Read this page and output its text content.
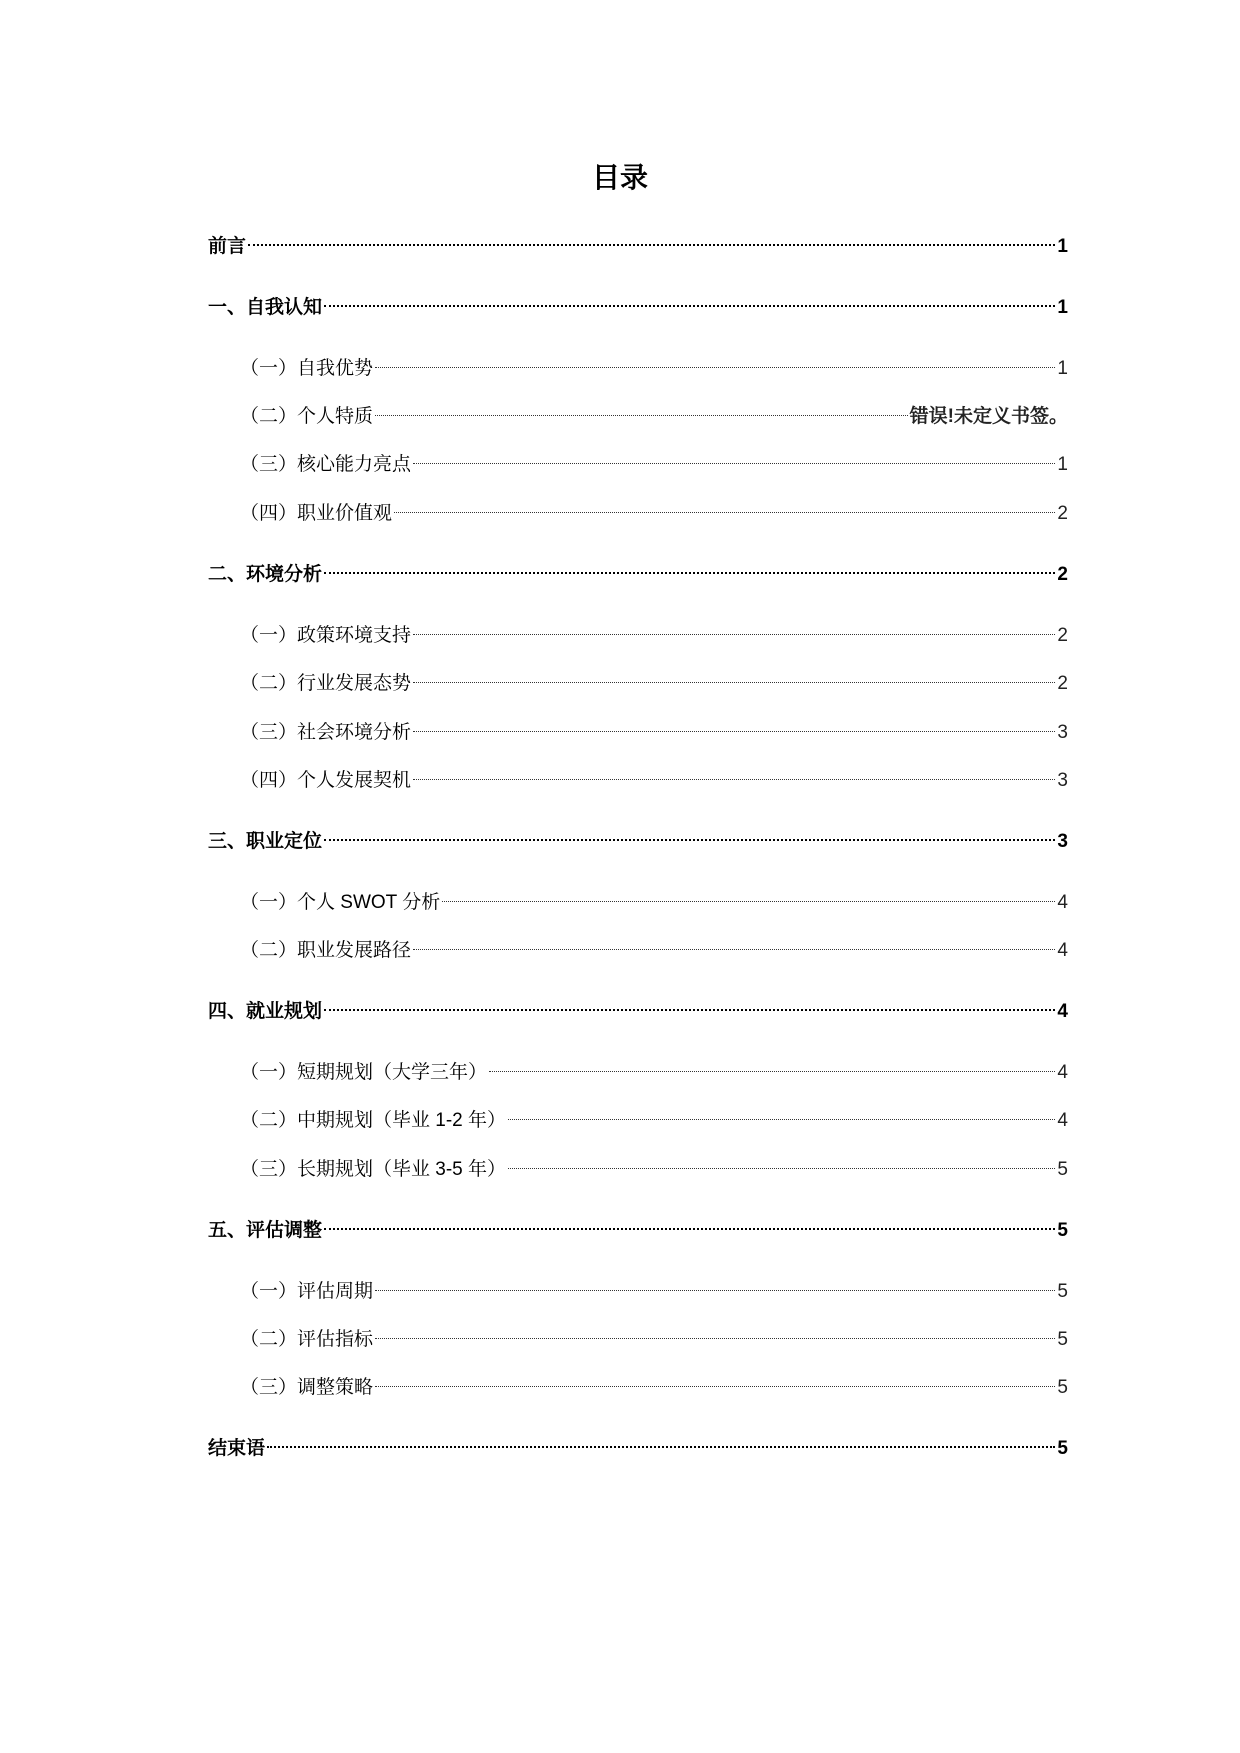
目录
前言	1
一、自我认知	1
（一）自我优势	1
（二）个人特质	错误!未定义书签。
（三）核心能力亮点	1
（四）职业价值观	2
二、环境分析	2
（一）政策环境支持	2
（二）行业发展态势	2
（三）社会环境分析	3
（四）个人发展契机	3
三、职业定位	3
（一）个人 SWOT 分析	4
（二）职业发展路径	4
四、就业规划	4
（一）短期规划（大学三年）	4
（二）中期规划（毕业 1-2 年）	4
（三）长期规划（毕业 3-5 年）	5
五、评估调整	5
（一）评估周期	5
（二）评估指标	5
（三）调整策略	5
结束语	5
